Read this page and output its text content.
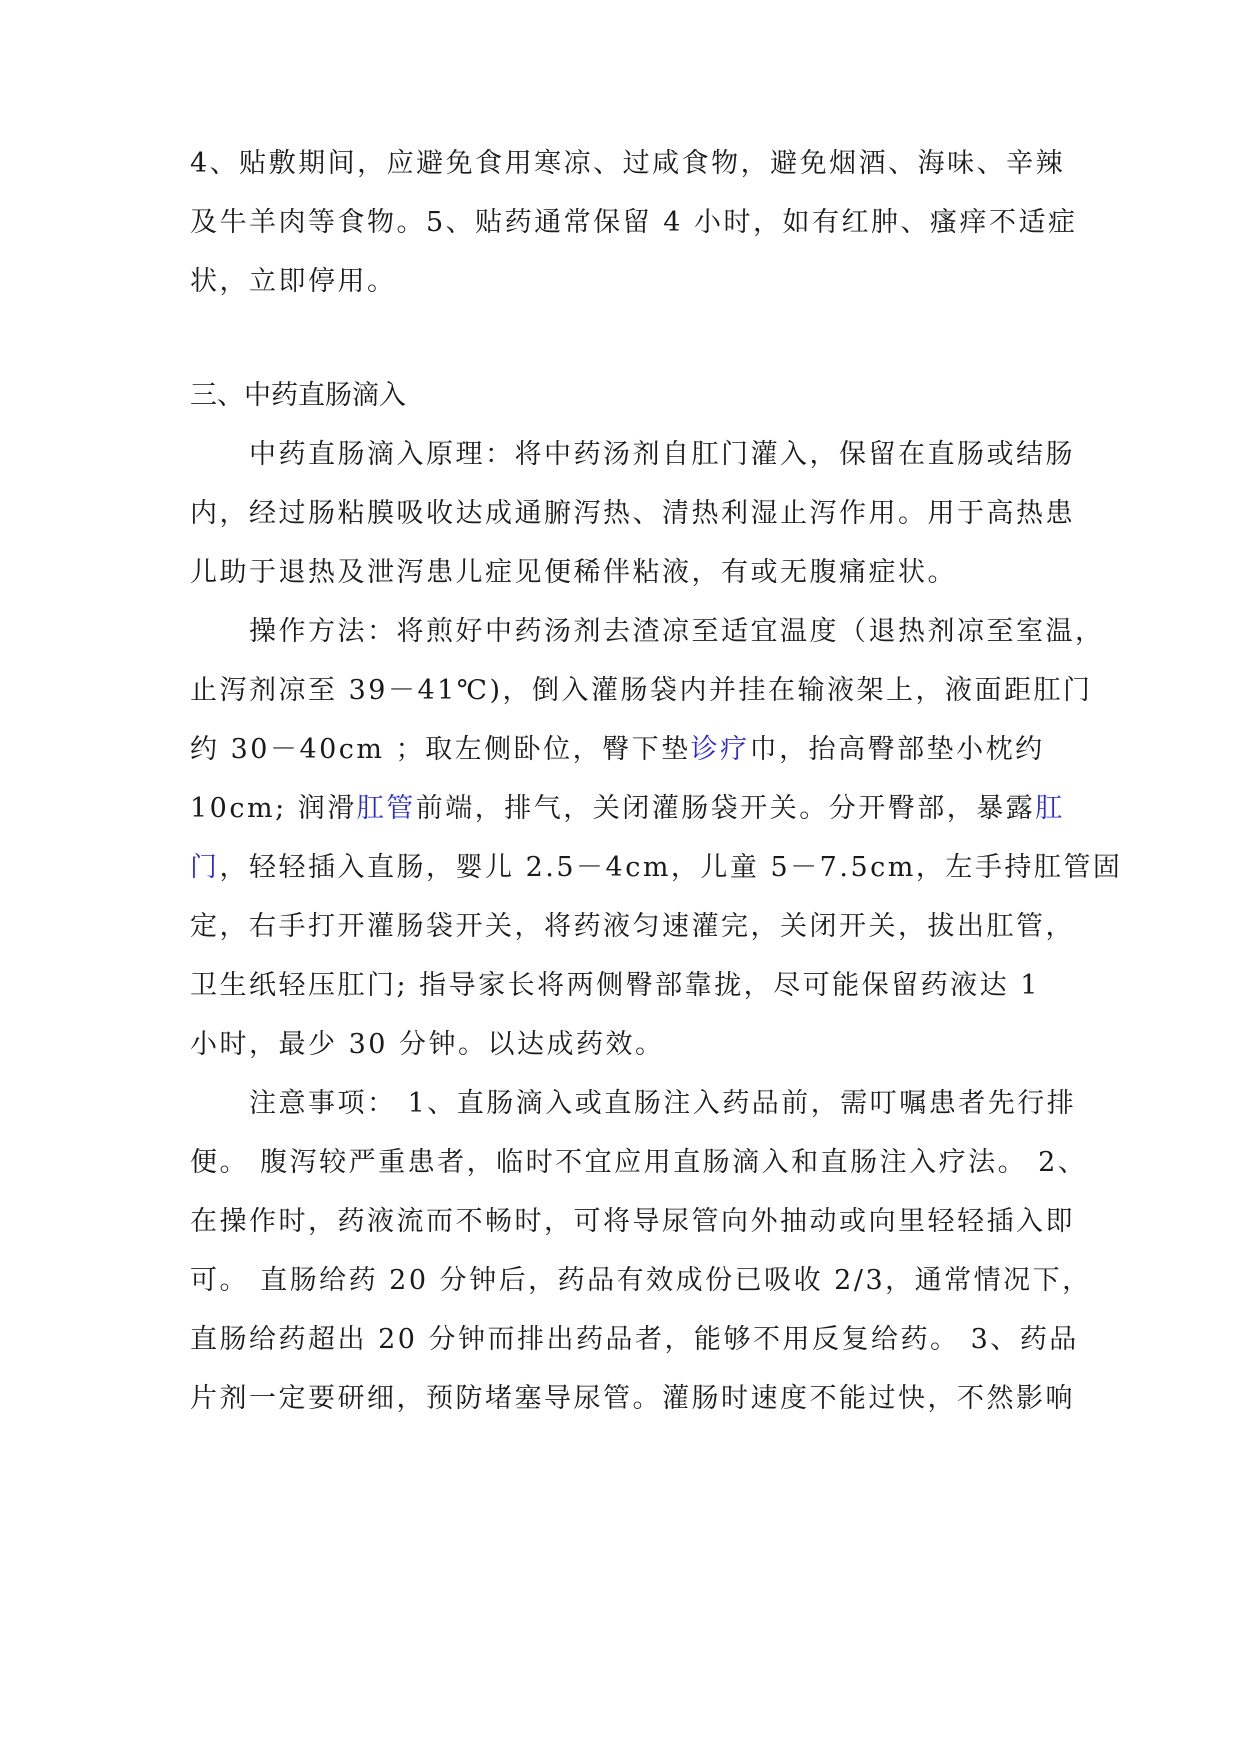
4、贴敷期间，应避免食用寒凉、过咸食物，避免烟酒、海味、辛辣
及牛羊肉等食物。5、贴药通常保留 4 小时，如有红肿、瘙痒不适症
状，立即停用。
三、中药直肠滴入
中药直肠滴入原理：将中药汤剂自肛门灌入，保留在直肠或结肠
内，经过肠粘膜吸收达成通腑泻热、清热利湿止泻作用。用于高热患
儿助于退热及泄泻患儿症见便稀伴粘液，有或无腹痛症状。
操作方法：将煎好中药汤剂去渣凉至适宜温度（退热剂凉至室温，
止泻剂凉至 39－41℃)，倒入灌肠袋内并挂在输液架上，液面距肛门
约 30－40cm ；取左侧卧位，臀下垫诊疗巾，抬高臀部垫小枕约
10cm; 润滑肛管前端，排气，关闭灌肠袋开关。分开臀部，暴露肛
门，轻轻插入直肠，婴儿 2.5－4cm，儿童 5－7.5cm，左手持肛管固
定，右手打开灌肠袋开关，将药液匀速灌完，关闭开关，拔出肛管，
卫生纸轻压肛门; 指导家长将两侧臀部靠拢，尽可能保留药液达 1
小时，最少 30 分钟。以达成药效。
注意事项： 1、直肠滴入或直肠注入药品前，需叮嘱患者先行排
便。 腹泻较严重患者，临时不宜应用直肠滴入和直肠注入疗法。 2、
在操作时，药液流而不畅时，可将导尿管向外抽动或向里轻轻插入即
可。 直肠给药 20 分钟后，药品有效成份已吸收 2/3，通常情况下，
直肠给药超出 20 分钟而排出药品者，能够不用反复给药。 3、药品
片剂一定要研细，预防堵塞导尿管。灌肠时速度不能过快，不然影响
